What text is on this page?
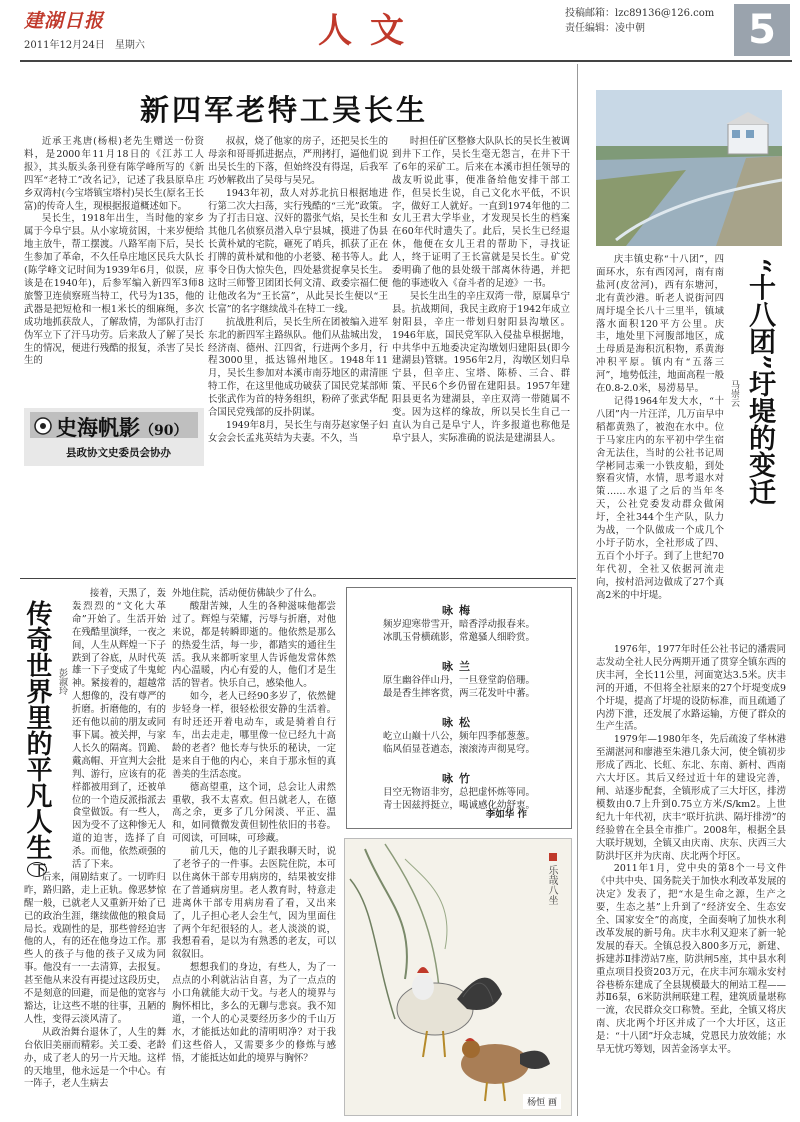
建湖日报
2011年12月24日　星期六	人文	投稿邮箱：lzc89136@126.com
责任编辑：凌中朝	5
新四军老特工吴长生

近承王兆唐(杨根)老先生赠送一份资料，是2000年11月18日的《江苏工人报》，其头版头条刊登有陈学峰所写的《新四军“老特工”改名记》，记述了我县原阜庄乡双湾村(今宝塔镇宝塔村)吴长生(原名王长富)的传奇人生，现根据报道概述如下。

吴长生，1918年出生，当时他的家乡属于今阜宁县。从小家境贫困，十来岁便给地主放牛，帮工摆渡。八路军南下后，吴长生参加了革命，不久任阜庄地区民兵大队长(陈学峰文记时间为1939年6月，似误，应该是在1940年)，后参军编入新四军3师8旅警卫连侦察班当特工，代号为135，他的武器是把短枪和一根1米长的细麻绳，多次成功地抓获敌人，了解敌情，为部队打击汀伪军立下了汗马功劳。后来敌人了解了吴长生的情况，便进行残酷的报复，杀害了吴长生的

叔叔，烧了他家的房子，还把吴长生的母亲和哥哥抓进据点，严刑拷打，逼他们说出吴长生的下落，但始终没有得逞，后我军巧妙解救出了吴母与吴兄。

1943年初，敌人对苏北抗日根据地进行第二次大扫荡，实行残酷的“三光”政策。为了打击日寇、汉奸的嚣张气焰，吴长生和其他几名侦察员潜入阜宁县城，摸进了伪县长黄朴斌的宅院，砸死了哨兵，抓获了正在打牌的黄朴斌和他的小老婆、秘书等人。此事令日伪大惊失色，四处悬赏捉拿吴长生。这时三师警卫团团长何文清、政委宗福仁便让他改名为“王长富”，从此吴长生便以“王长富”的名字继续战斗在特工一线。

抗战胜利后，吴长生所在团被编入进军东北的新四军主路纵队。他们从盐城出发，经济南、德州、江四省，行进两个多月，行程3000里，抵达锦州地区。1948年11月，吴长生参加对本溪市南芬地区的肃清匪特工作，在这里他成功破获了国民党某部师长张武作为首的特务组织，粉碎了张武华配合国民党残部的反扑阴谋。

1949年8月，吴长生与南芬赵家堡子妇女会会长孟兆英结为夫妻。不久，当

时担任矿区整修大队队长的吴长生被调到井下工作，吴长生毫无怨言，在井下干了6年的采矿工。后来在本溪市担任领导的战友听说此事，便准备给他安排干部工作，但吴长生说，自己文化水平低，不识字，做好工人就好。一直到1974年他的二女儿王君大学毕业，才发现吴长生的档案在60年代时遗失了。此后，吴长生已经退休，他便在女儿王君的帮助下，寻找证人，终于证明了王长富就是吴长生。矿党委明确了他的县处级干部离休待遇，并把他的事迹收入《奋斗者的足迹》一书。

吴长生出生的辛庄双湾一带，原属阜宁县。抗战期间，我民主政府于1942年成立射阳县，辛庄一带划归射阳县沟墩区。1946年底，国民党军队入侵盐阜根据地，中共华中五地委决定沟墩划归建阳县(即今建湖县)管辖。1956年2月，沟墩区划归阜宁县，但辛庄、宝塔、陈桥、三合、群策、平民6个乡仍留在建阳县。1957年建阳县更名为建湖县，辛庄双湾一带随属不变。因为这样的缘故，所以吴长生自己一直认为自己是阜宁人，许多报道也称他是阜宁县人，实际准确的说法是建湖县人。

史海帆影（90）
县政协文史委员会协办
传奇世界里的平凡人生下
彭淑玲

接着，天黑了，轰轰烈烈的“文化大革命”开始了。生活开始在残酷里演绎，一夜之间，人生从辉煌一下子跌到了谷底，从时代英雄一下子变成了牛鬼蛇神。紧接着的，超越常人想像的，没有尊严的折磨。折磨他的，有的还有他以前的朋友或同事下属。被关押，与家人长久的隔离。罚跪、戴高帽、开宣判大会批判、游行，应该有的花样都被用到了，还被单位的一个造反派指派去食堂做饭。有一些人，因为受不了这种惨无人道的迫害，选择了自杀。而他，依然顽强的活了下来。

后来，闹剧结束了。一切昨归昨，路归路，走上正轨。像恶梦惊醒一般，已就老人又重新开始了已已的政治生涯，继续做他的粮食局局长。戏剧性的是，那些曾经迫害他的人，有的还在他身边工作。那些人的孩子与他的孩子又成为同事。他没有一一去清算，去报复。甚至他从来没有再提过这段历史，不是刻意的回避，而是他的宽容与豁达，让这些不堪的往事，丑陋的人性，变得云淡风清了。

从政治舞台退休了，人生的舞台依旧美丽而精彩。关工委、老龄办，成了老人的另一片天地。这样的天地里，他永远是一个中心。有一阵子，老人生病去

外地住院，活动便仿佛缺少了什么。

酸甜苦辣，人生的各种滋味他都尝过了。辉煌与荣耀，污辱与折磨，对他来说，都是转瞬即逝的。他依然是那么的热爱生活，每一步，都踏实的通往生活。我从来都听家里人告诉他发常体然内心温暖，内心有爱的人，他们才是生活的智者。快乐自己，感染他人。

如今，老人已经90多岁了，依然健步轻身一样，很轻松很安静的生活着。有时还还开着电动车，或是骑着自行车，出去走走，哪里像一位已经九十高龄的老者？他长寿与快乐的秘诀，一定是来自于他的内心，来自于那永恒的真善美的生活态度。

德高望重，这个词，总会让人肃然重敬，我不太喜欢。但吕就老人，在德高之余，更多了几分闲淡、平正、温和，如同微微发黄但韧性依旧的书卷。可阅读，可回味，可珍藏。

前几天，他的儿子跟我聊天时，说了老爷子的一件事。去医院住院，本可以住离休干部专用病房的，结果被安排在了普通病房里。老人教育时，特意走进离休干部专用病房看了看，又出来了，儿子担心老人会生气，因为里面住了两个年纪很轻的人。老人淡淡的说，我想看看，是以为有熟悉的老友，可以叙叙旧。

想想我们的身边，有些人，为了一点点的小利就沾沾自喜，为了一点点的小口角就能大动干戈。与老人的境界与胸怀相比，多么的无聊与悲哀。我不知道，一个人的心灵要经历多少的千山万水，才能抵达如此的清明明净？对于我们这些俗人，又需要多少的修炼与感悟，才能抵达如此的境界与胸怀？

咏梅
频岁迎寒带雪开，暗香浮动报春来。
冰肌玉骨横疏影，常邀骚人细聆赏。
咏兰
原生幽谷伴山丹，一旦登堂韵倍珊。
最是香生摔客赏，两三花发叶中蕃。
咏松
屹立山巅十八公，频年四季郁葱葱。
临风佰显苍遒态，滚滚涛声彻晃穹。
咏竹
目空无物语非穷，总把虚怀炼等同。
青士因兹捋挺立，喝诚感化幼舒衷。
李如华 作
乐哉八坐
杨恒 画
“十八团”圩堤的变迁
马崇云

庆丰镇史称“十八团”，四面环水，东有西冈河，南有南盐河(皮岔河)，西有东塘河，北有黄沙港。昕老人说街河四周圩堤全长八十三里半，镇域落水面积120平方公里。庆丰，地处里下河腹部地区，成土母质是海积沉积物，系黄海冲积平原。镇内有“五落三河”，地势低洼，地面高程一般在0.8-2.0米，易涝易旱。

记得1964年发大水，“十八团”内一片汪洋，几万亩早中稻都黄熟了，被泡在水中。位于马家庄内的东平初中学生宿舍无法住，当时的公社书记周学彬同志乘一小铁皮船，到处察看灾情，水情，思考退水对策……水退了之后的当年冬天，公社党委发动群众做闲圩，全社344个生产队，队力为战，一个队做成一个成几个小圩子防水，全社形成了四、五百个小圩子。到了上世纪70年代初，全社又依据河流走向，按村沿河边做成了27个真高2米的中圩堤。

1976年，1977年时任公社书记的潘震同志发动全社人民分两期开通了贯穿全镇东西的庆丰河，全长11公里，河面宽达3.5米。庆丰河的开通，不但将全社原来的27个圩堤变成9个圩堤，提高了圩堤的设防标准，而且疏通了内涝下泄，还发展了水路运输，方便了群众的生产生活。

1979年—1980年冬，先后疏浚了华林港至湖湛河和廖港至朱港几条大河，使全镇初步形成了西北、长虹、东北、东南、新村、西南六大圩区。其后又经过近十年的建设完善，闸、站逐步配套，全镇形成了三大圩区，排涝模数由0.7上升到0.75立方米/S/km2。上世纪九十年代初，庆丰“联圩抗洪、隔圩排涝”的经验曾在全县全市推广。2008年，根据全县大联圩规划，全镇又由庆南、庆东、庆西三大防洪圩区并为庆南、庆北两个圩区。

2011年1月，党中央的第8个一号文件《中共中央、国务院关于加快水利改革发展的决定》发表了，把“水是生命之源，生产之要，生态之基”上升到了“经济安全、生态安全、国家安全”的高度，全面奏响了加快水利改革发展的新号角。庆丰水利又迎来了新一轮发展的春天。全镇总投入800多万元，新建、拆建苏Ⅱ排涝站7座，防洪闸5座，其中县水利重点项目投资203万元，在庆丰河东端永安村谷巷桥东建成了全县规模最大的闸站工程——苏Ⅱ6泵，6米防洪闸联建工程，建筑质量堪称一流，农民群众交口称赞。至此，全镇又将庆南、庆北两个圩区并成了一个大圩区，这正是：“十八团”圩众志城，党恩民力放效能；水旱无忧巧筹划，因苦金汤享太平。
